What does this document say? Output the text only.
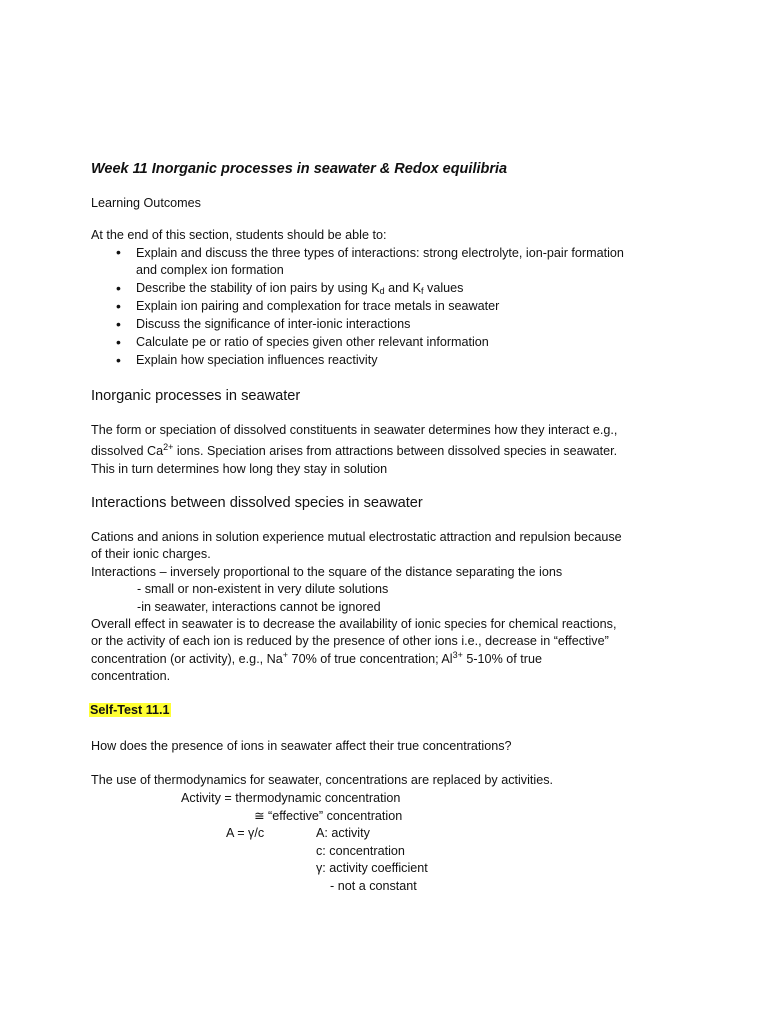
Week 11 Inorganic processes in seawater & Redox equilibria
Learning Outcomes
At the end of this section, students should be able to:
• Explain and discuss the three types of interactions: strong electrolyte, ion-pair formation
and complex ion formation
• Describe the stability of ion pairs by using $K_d$ and $K_f$ values
• Explain ion pairing and complexation for trace metals in seawater
• Discuss the significance of inter-ionic interactions
• Calculate pe or ratio of species given other relevant information
• Explain how speciation influences reactivity
Inorganic processes in seawater
The form or speciation of dissolved constituents in seawater determines how they interact e.g.,
dissolved $Ca^{2+}$ ions. Speciation arises from attractions between dissolved species in seawater.
This in turn determines how long they stay in solution
Interactions between dissolved species in seawater
Cations and anions in solution experience mutual electrostatic attraction and repulsion because
of their ionic charges.
Interactions – inversely proportional to the square of the distance separating the ions
- small or non-existent in very dilute solutions
-in seawater, interactions cannot be ignored
Overall effect in seawater is to decrease the availability of ionic species for chemical reactions,
or the activity of each ion is reduced by the presence of other ions i.e., decrease in “effective”
concentration (or activity), e.g., Na+ 70% of true concentration; $Al^{3+}$ 5-10% of true
concentration.
Self-Test 11.1
How does the presence of ions in seawater affect their true concentrations?
The use of thermodynamics for seawater, concentrations are replaced by activities.
Activity = thermodynamic concentration
≅ “effective” concentration
A = γ/c	A: activity
c: concentration
γ: activity coefficient
- not a constant
